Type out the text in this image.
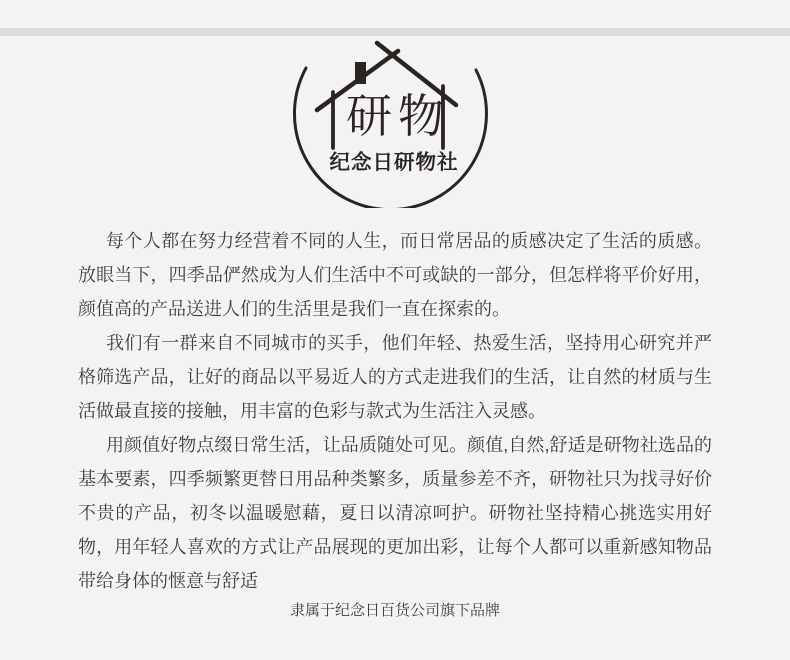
研物
纪念日研物社

每个人都在努力经营着不同的人生，而日常居品的质感决定了生活的质感。放眼当下，四季品俨然成为人们生活中不可或缺的一部分，但怎样将平价好用，颜值高的产品送进人们的生活里是我们一直在探索的。

我们有一群来自不同城市的买手，他们年轻、热爱生活，坚持用心研究并严格筛选产品，让好的商品以平易近人的方式走进我们的生活，让自然的材质与生活做最直接的接触，用丰富的色彩与款式为生活注入灵感。

用颜值好物点缀日常生活，让品质随处可见。颜值,自然,舒适是研物社选品的基本要素，四季频繁更替日用品种类繁多，质量参差不齐，研物社只为找寻好价不贵的产品，初冬以温暖慰藉，夏日以清凉呵护。研物社坚持精心挑选实用好物，用年轻人喜欢的方式让产品展现的更加出彩，让每个人都可以重新感知物品带给身体的惬意与舒适

隶属于纪念日百货公司旗下品牌
